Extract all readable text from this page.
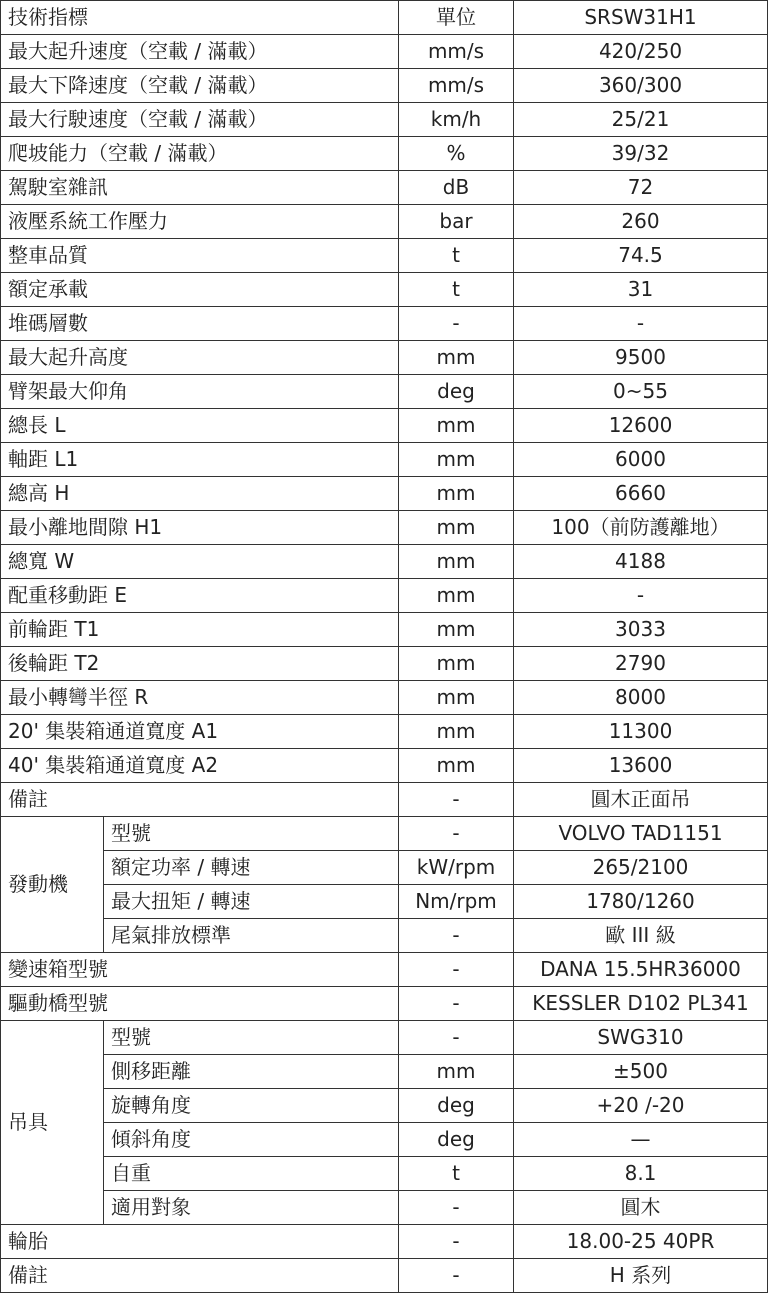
技術指標		單位	SRSW31H1
最大起升速度（空載 / 滿載）		mm/s	420/250
最大下降速度（空載 / 滿載）		mm/s	360/300
最大行駛速度（空載 / 滿載）		km/h	25/21
爬坡能力（空載 / 滿載）		%	39/32
駕駛室雜訊		dB	72
液壓系統工作壓力		bar	260
整車品質		t	74.5
額定承載		t	31
堆碼層數		-	-
最大起升高度		mm	9500
臂架最大仰角		deg	0~55
總長 L		mm	12600
軸距 L1		mm	6000
總高 H		mm	6660
最小離地間隙 H1		mm	100（前防護離地）
總寬 W		mm	4188
配重移動距 E		mm	-
前輪距 T1		mm	3033
後輪距 T2		mm	2790
最小轉彎半徑 R		mm	8000
20' 集裝箱通道寬度 A1		mm	11300
40' 集裝箱通道寬度 A2		mm	13600
備註		-	圓木正面吊
發動機	型號	-	VOLVO TAD1151
	額定功率 / 轉速	kW/rpm	265/2100
	最大扭矩 / 轉速	Nm/rpm	1780/1260
	尾氣排放標準	-	歐 III 級
變速箱型號		-	DANA 15.5HR36000
驅動橋型號		-	KESSLER D102 PL341
吊具	型號	-	SWG310
	側移距離	mm	±500
	旋轉角度	deg	+20 /-20
	傾斜角度	deg	—
	自重	t	8.1
	適用對象	-	圓木
輪胎		-	18.00-25 40PR
備註		-	H 系列
